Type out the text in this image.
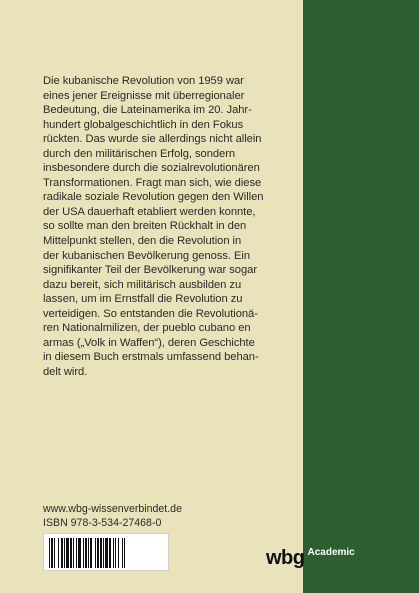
Die kubanische Revolution von 1959 war
eines jener Ereignisse mit überregionaler
Bedeutung, die Lateinamerika im 20. Jahr-
hundert globalgeschichtlich in den Fokus
rückten. Das wurde sie allerdings nicht allein
durch den militärischen Erfolg, sondern
insbesondere durch die sozialrevolutionären
Transformationen. Fragt man sich, wie diese
radikale soziale Revolution gegen den Willen
der USA dauerhaft etabliert werden konnte,
so sollte man den breiten Rückhalt in den
Mittelpunkt stellen, den die Revolution in
der kubanischen Bevölkerung genoss. Ein
signifikanter Teil der Bevölkerung war sogar
dazu bereit, sich militärisch ausbilden zu
lassen, um im Ernstfall die Revolution zu
verteidigen. So entstanden die Revolutionä-
ren Nationalmilizen, der pueblo cubano en
armas („Volk in Waffen“), deren Geschichte
in diesem Buch erstmals umfassend behan-
delt wird.

www.wbg-wissenverbindet.de

ISBN 978-3-534-27468-0

wbg Academic
